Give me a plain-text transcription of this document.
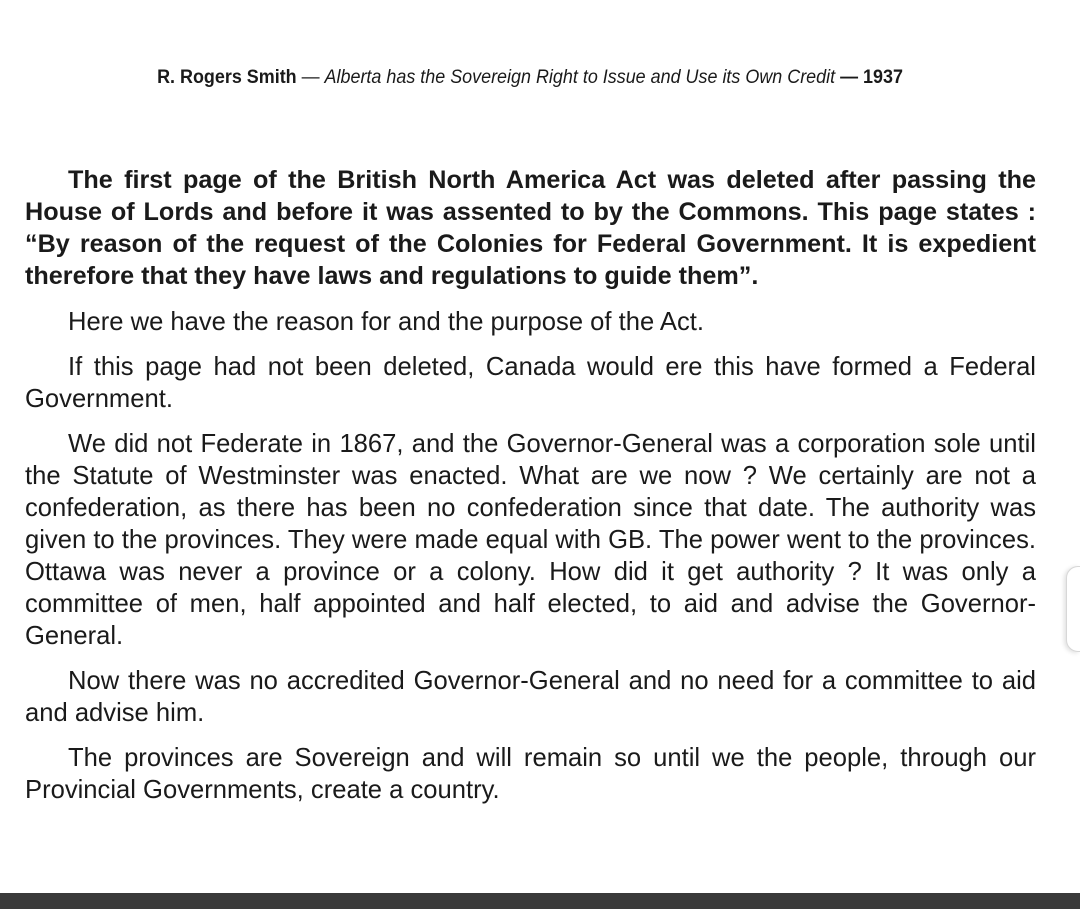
R. Rogers Smith — Alberta has the Sovereign Right to Issue and Use its Own Credit — 1937

The first page of the British North America Act was deleted after passing the House of Lords and before it was assented to by the Commons. This page states : “By reason of the request of the Colonies for Federal Government. It is expedient therefore that they have laws and regulations to guide them”.

Here we have the reason for and the purpose of the Act.

If this page had not been deleted, Canada would ere this have formed a Federal Government.

We did not Federate in 1867, and the Governor-General was a corporation sole until the Statute of Westminster was enacted. What are we now ? We certainly are not a confederation, as there has been no confederation since that date. The authority was given to the provinces. They were made equal with GB. The power went to the provinces. Ottawa was never a province or a colony. How did it get authority ? It was only a committee of men, half appointed and half elected, to aid and advise the Governor-General.

Now there was no accredited Governor-General and no need for a committee to aid and advise him.

The provinces are Sovereign and will remain so until we the people, through our Provincial Governments, create a country.
